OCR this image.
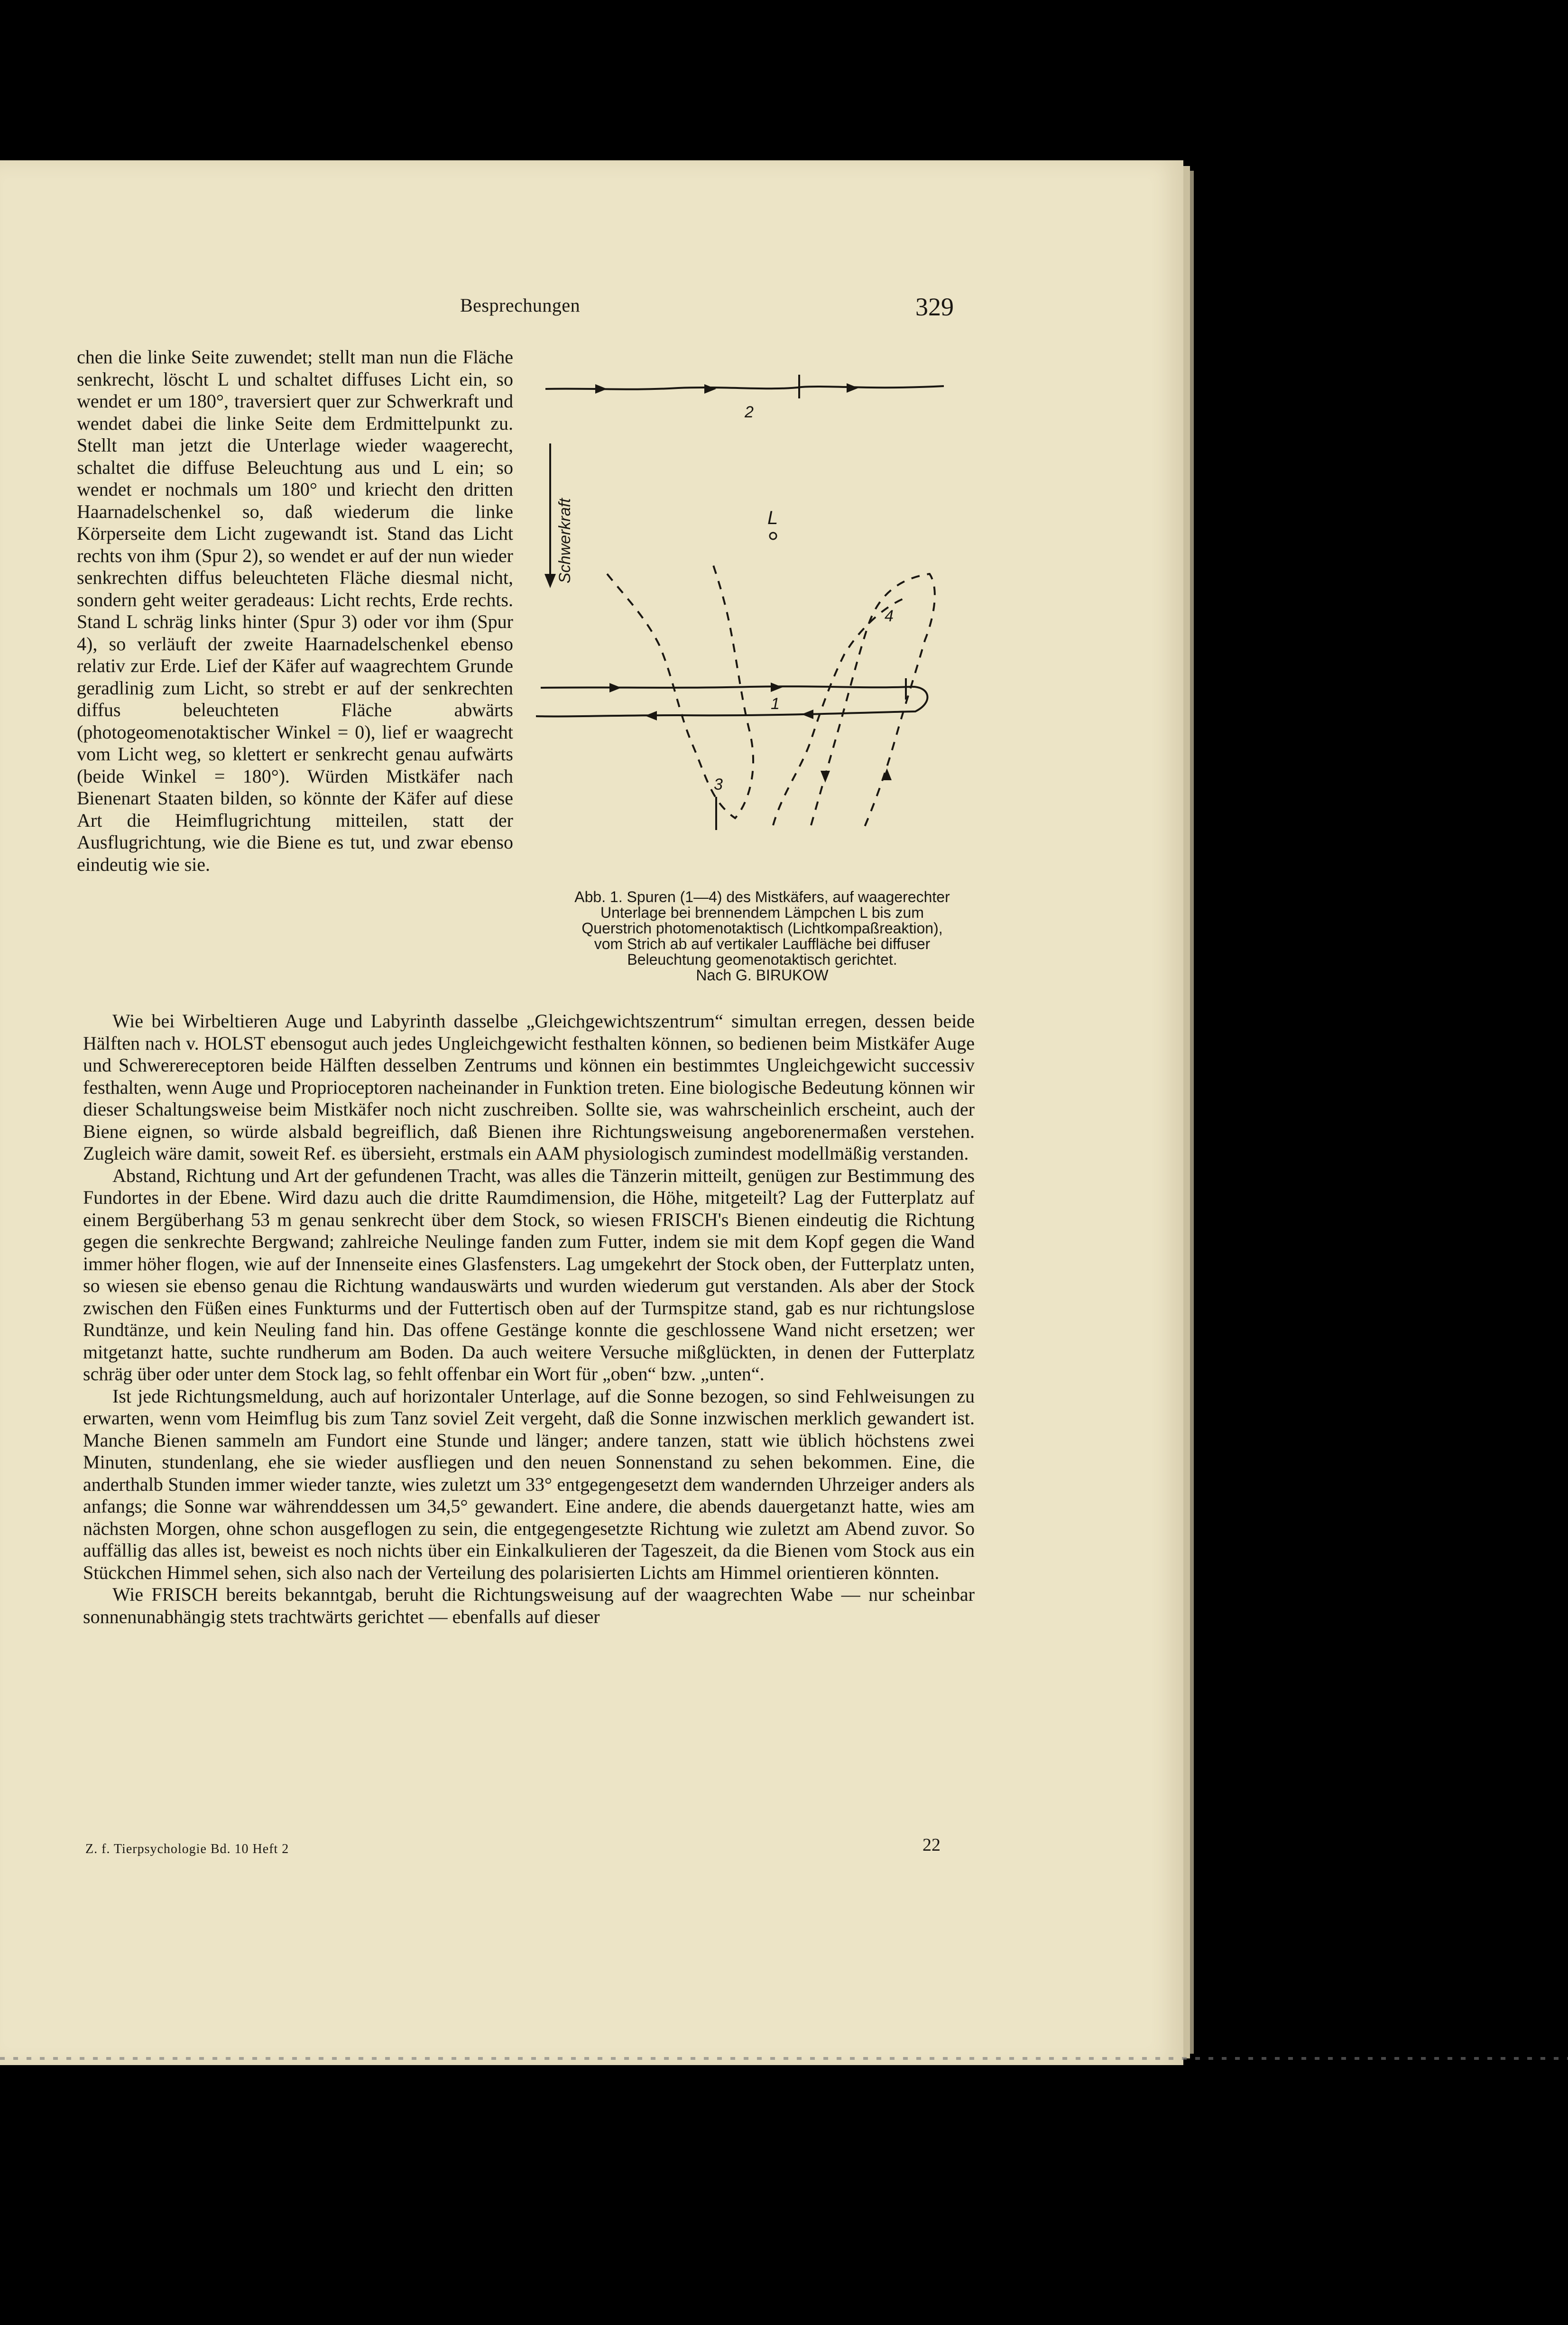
Besprechungen	329

chen die linke Seite zuwendet; stellt man nun die Fläche senkrecht, löscht L und schaltet diffuses Licht ein, so wendet er um 180°, traversiert quer zur Schwerkraft und wendet dabei die linke Seite dem Erdmittelpunkt zu. Stellt man jetzt die Unterlage wieder waagerecht, schaltet die diffuse Beleuchtung aus und L ein; so wendet er nochmals um 180° und kriecht den dritten Haarnadelschenkel so, daß wiederum die linke Körperseite dem Licht zugewandt ist. Stand das Licht rechts von ihm (Spur 2), so wendet er auf der nun wieder senkrechten diffus beleuchteten Fläche diesmal nicht, sondern geht weiter geradeaus: Licht rechts, Erde rechts. Stand L schräg links hinter (Spur 3) oder vor ihm (Spur 4), so verläuft der zweite Haarnadelschenkel ebenso relativ zur Erde. Lief der Käfer auf waagrechtem Grunde geradlinig zum Licht, so strebt er auf der senkrechten diffus beleuchteten Fläche abwärts (photogeomenotaktischer Winkel = 0), lief er waagrecht vom Licht weg, so klettert er senkrecht genau aufwärts (beide Winkel = 180°). Würden Mistkäfer nach Bienenart Staaten bilden, so könnte der Käfer auf diese Art die Heimflugrichtung mitteilen, statt der Ausflugrichtung, wie die Biene es tut, und zwar ebenso eindeutig wie sie.

L
2
1
3
4
Schwerkraft
Abb. 1. Spuren (1—4) des Mistkäfers, auf waagerechter
Unterlage bei brennendem Lämpchen L bis zum
Querstrich photomenotaktisch (Lichtkompaßreaktion),
vom Strich ab auf vertikaler Lauffläche bei diffuser
Beleuchtung geomenotaktisch gerichtet.
Nach G. BIRUKOW

Wie bei Wirbeltieren Auge und Labyrinth dasselbe „Gleichgewichtszentrum“ simultan erregen, dessen beide Hälften nach v. HOLST ebensogut auch jedes Ungleichgewicht festhalten können, so bedienen beim Mistkäfer Auge und Schwerereceptoren beide Hälften desselben Zentrums und können ein bestimmtes Ungleichgewicht successiv festhalten, wenn Auge und Proprioceptoren nacheinander in Funktion treten. Eine biologische Bedeutung können wir dieser Schaltungsweise beim Mistkäfer noch nicht zuschreiben. Sollte sie, was wahrscheinlich erscheint, auch der Biene eignen, so würde alsbald begreiflich, daß Bienen ihre Richtungsweisung angeborenermaßen verstehen. Zugleich wäre damit, soweit Ref. es übersieht, erstmals ein AAM physiologisch zumindest modellmäßig verstanden.

Abstand, Richtung und Art der gefundenen Tracht, was alles die Tänzerin mitteilt, genügen zur Bestimmung des Fundortes in der Ebene. Wird dazu auch die dritte Raumdimension, die Höhe, mitgeteilt? Lag der Futterplatz auf einem Bergüberhang 53 m genau senkrecht über dem Stock, so wiesen FRISCH's Bienen eindeutig die Richtung gegen die senkrechte Bergwand; zahlreiche Neulinge fanden zum Futter, indem sie mit dem Kopf gegen die Wand immer höher flogen, wie auf der Innenseite eines Glasfensters. Lag umgekehrt der Stock oben, der Futterplatz unten, so wiesen sie ebenso genau die Richtung wandauswärts und wurden wiederum gut verstanden. Als aber der Stock zwischen den Füßen eines Funkturms und der Futtertisch oben auf der Turmspitze stand, gab es nur richtungslose Rundtänze, und kein Neuling fand hin. Das offene Gestänge konnte die geschlossene Wand nicht ersetzen; wer mitgetanzt hatte, suchte rundherum am Boden. Da auch weitere Versuche mißglückten, in denen der Futterplatz schräg über oder unter dem Stock lag, so fehlt offenbar ein Wort für „oben“ bzw. „unten“.

Ist jede Richtungsmeldung, auch auf horizontaler Unterlage, auf die Sonne bezogen, so sind Fehlweisungen zu erwarten, wenn vom Heimflug bis zum Tanz soviel Zeit vergeht, daß die Sonne inzwischen merklich gewandert ist. Manche Bienen sammeln am Fundort eine Stunde und länger; andere tanzen, statt wie üblich höchstens zwei Minuten, stundenlang, ehe sie wieder ausfliegen und den neuen Sonnenstand zu sehen bekommen. Eine, die anderthalb Stunden immer wieder tanzte, wies zuletzt um 33° entgegengesetzt dem wandernden Uhrzeiger anders als anfangs; die Sonne war währenddessen um 34,5° gewandert. Eine andere, die abends dauergetanzt hatte, wies am nächsten Morgen, ohne schon ausgeflogen zu sein, die entgegengesetzte Richtung wie zuletzt am Abend zuvor. So auffällig das alles ist, beweist es noch nichts über ein Einkalkulieren der Tageszeit, da die Bienen vom Stock aus ein Stückchen Himmel sehen, sich also nach der Verteilung des polarisierten Lichts am Himmel orientieren könnten.

Wie FRISCH bereits bekanntgab, beruht die Richtungsweisung auf der waagrechten Wabe — nur scheinbar sonnenunabhängig stets trachtwärts gerichtet — ebenfalls auf dieser

Z. f. Tierpsychologie Bd. 10 Heft 2	22
